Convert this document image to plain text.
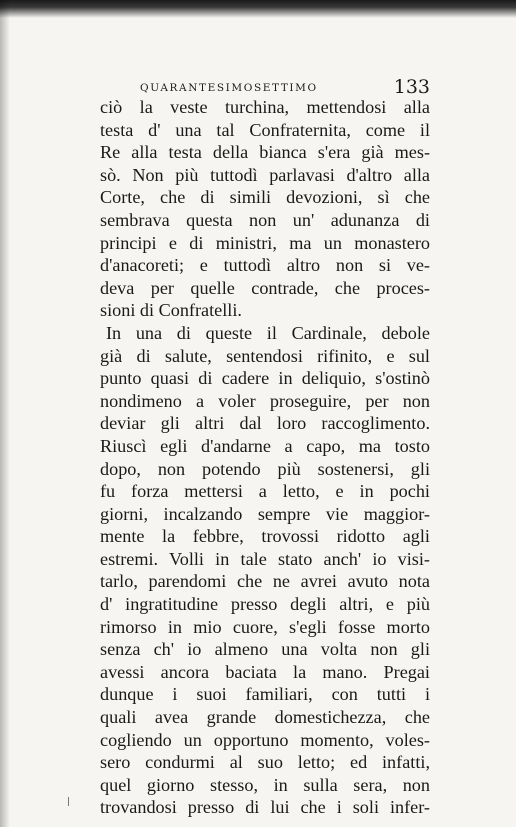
QUARANTESIMOSETTIMO	133
ciò la veste turchina, mettendosi alla
testa d' una tal Confraternita, come il
Re alla testa della bianca s'era già mes-
sò. Non più tuttodì parlavasi d'altro alla
Corte, che di simili devozioni, sì che
sembrava questa non un' adunanza di
principi e di ministri, ma un monastero
d'anacoreti; e tuttodì altro non si ve-
deva per quelle contrade, che proces-
sioni di Confratelli.
In una di queste il Cardinale, debole
già di salute, sentendosi rifinito, e sul
punto quasi di cadere in deliquio, s'ostinò
nondimeno a voler proseguire, per non
deviar gli altri dal loro raccoglimento.
Riuscì egli d'andarne a capo, ma tosto
dopo, non potendo più sostenersi, gli
fu forza mettersi a letto, e in pochi
giorni, incalzando sempre vie maggior-
mente la febbre, trovossi ridotto agli
estremi. Volli in tale stato anch' io visi-
tarlo, parendomi che ne avrei avuto nota
d' ingratitudine presso degli altri, e più
rimorso in mio cuore, s'egli fosse morto
senza ch' io almeno una volta non gli
avessi ancora baciata la mano. Pregai
dunque i suoi familiari, con tutti i
quali avea grande domestichezza, che
cogliendo un opportuno momento, voles-
sero condurmi al suo letto; ed infatti,
quel giorno stesso, in sulla sera, non
trovandosi presso di lui che i soli infer-
